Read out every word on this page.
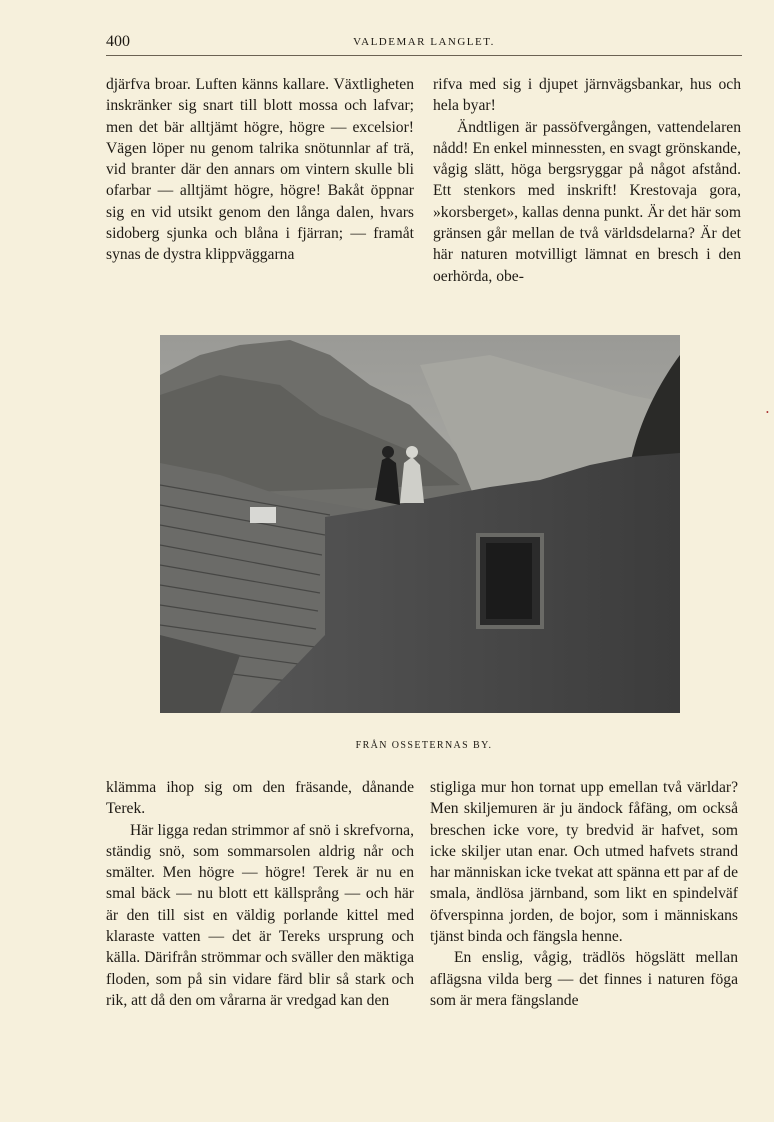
400	VALDEMAR LANGLET.

djärfva broar. Luften känns kallare. Växtligheten inskränker sig snart till blott mossa och lafvar; men det bär alltjämt högre, högre — excelsior! Vägen löper nu genom talrika snötunnlar af trä, vid branter där den annars om vintern skulle bli ofarbar — alltjämt högre, högre! Bakåt öppnar sig en vid utsikt genom den långa dalen, hvars sidoberg sjunka och blåna i fjärran; — framåt synas de dystra klippväggarna

rifva med sig i djupet järnvägsbankar, hus och hela byar!

Ändtligen är passöfvergången, vattendelaren nådd! En enkel minnessten, en svagt grönskande, vågig slätt, höga bergsryggar på något afstånd. Ett stenkors med inskrift! Krestovaja gora, »korsberget», kallas denna punkt. Är det här som gränsen går mellan de två världsdelarna? Är det här naturen motvilligt lämnat en bresch i den oerhörda, obe-

FRÅN OSSETERNAS BY.

klämma ihop sig om den fräsande, dånande Terek.

Här ligga redan strimmor af snö i skrefvorna, ständig snö, som sommarsolen aldrig når och smälter. Men högre — högre! Terek är nu en smal bäck — nu blott ett källsprång — och här är den till sist en väldig porlande kittel med klaraste vatten — det är Tereks ursprung och källa. Därifrån strömmar och sväller den mäktiga floden, som på sin vidare färd blir så stark och rik, att då den om vårarna är vredgad kan den

stigliga mur hon tornat upp emellan två världar? Men skiljemuren är ju ändock fåfäng, om också breschen icke vore, ty bredvid är hafvet, som icke skiljer utan enar. Och utmed hafvets strand har människan icke tvekat att spänna ett par af de smala, ändlösa järnband, som likt en spindelväf öfverspinna jorden, de bojor, som i människans tjänst binda och fängsla henne.

En enslig, vågig, trädlös högslätt mellan aflägsna vilda berg — det finnes i naturen föga som är mera fängslande

•
